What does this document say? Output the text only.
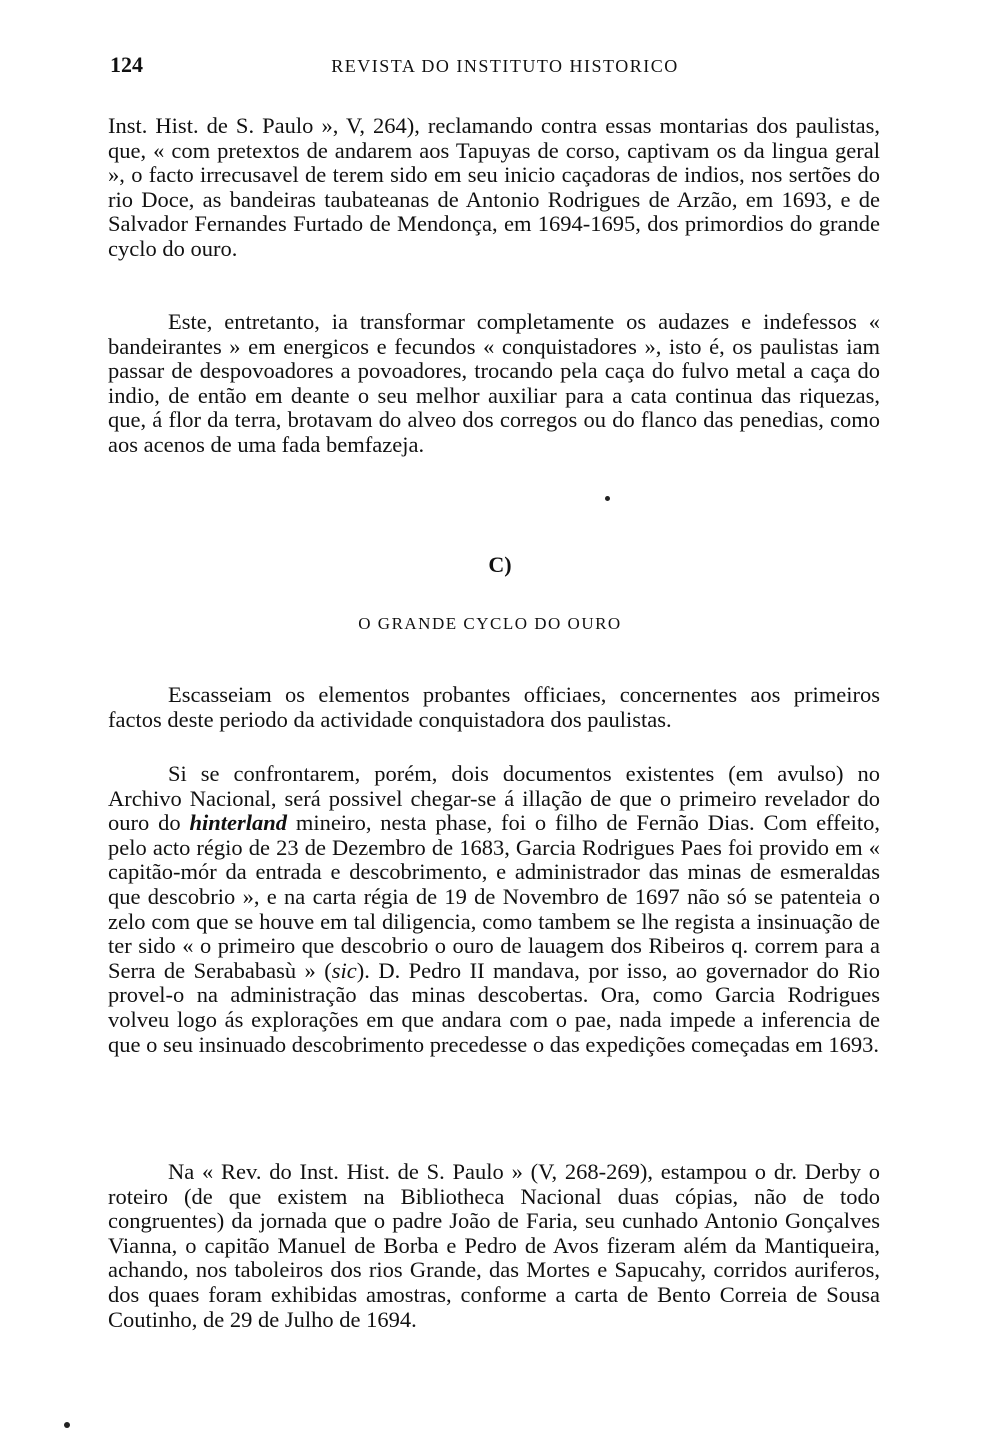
124	REVISTA DO INSTITUTO HISTORICO

Inst. Hist. de S. Paulo », V, 264), reclamando contra essas montarias dos paulistas, que, « com pretextos de andarem aos Tapuyas de corso, captivam os da lingua geral », o facto irrecusavel de terem sido em seu inicio caçadoras de indios, nos sertões do rio Doce, as bandeiras taubateanas de Antonio Rodrigues de Arzão, em 1693, e de Salvador Fernandes Furtado de Mendonça, em 1694-1695, dos primordios do grande cyclo do ouro.

Este, entretanto, ia transformar completamente os audazes e indefessos « bandeirantes » em energicos e fecundos « conquistadores », isto é, os paulistas iam passar de despovoadores a povoadores, trocando pela caça do fulvo metal a caça do indio, de então em deante o seu melhor auxiliar para a cata continua das riquezas, que, á flor da terra, brotavam do alveo dos corregos ou do flanco das penedias, como aos acenos de uma fada bemfazeja.

C)
O GRANDE CYCLO DO OURO

Escasseiam os elementos probantes officiaes, concernentes aos primeiros factos deste periodo da actividade conquistadora dos paulistas.

Si se confrontarem, porém, dois documentos existentes (em avulso) no Archivo Nacional, será possivel chegar-se á illação de que o primeiro revelador do ouro do hinterland mineiro, nesta phase, foi o filho de Fernão Dias. Com effeito, pelo acto régio de 23 de Dezembro de 1683, Garcia Rodrigues Paes foi provido em « capitão-mór da entrada e descobrimento, e administrador das minas de esmeraldas que descobrio », e na carta régia de 19 de Novembro de 1697 não só se patenteia o zelo com que se houve em tal diligencia, como tambem se lhe regista a insinuação de ter sido « o primeiro que descobrio o ouro de lauagem dos Ribeiros q. correm para a Serra de Serababasù » (sic). D. Pedro II mandava, por isso, ao governador do Rio provel-o na administração das minas descobertas. Ora, como Garcia Rodrigues volveu logo ás explorações em que andara com o pae, nada impede a inferencia de que o seu insinuado descobrimento precedesse o das expedições começadas em 1693.

Na « Rev. do Inst. Hist. de S. Paulo » (V, 268-269), estampou o dr. Derby o roteiro (de que existem na Bibliotheca Nacional duas cópias, não de todo congruentes) da jornada que o padre João de Faria, seu cunhado Antonio Gonçalves Vianna, o capitão Manuel de Borba e Pedro de Avos fizeram além da Mantiqueira, achando, nos taboleiros dos rios Grande, das Mortes e Sapucahy, corridos auriferos, dos quaes foram exhibidas amostras, conforme a carta de Bento Correia de Sousa Coutinho, de 29 de Julho de 1694.
